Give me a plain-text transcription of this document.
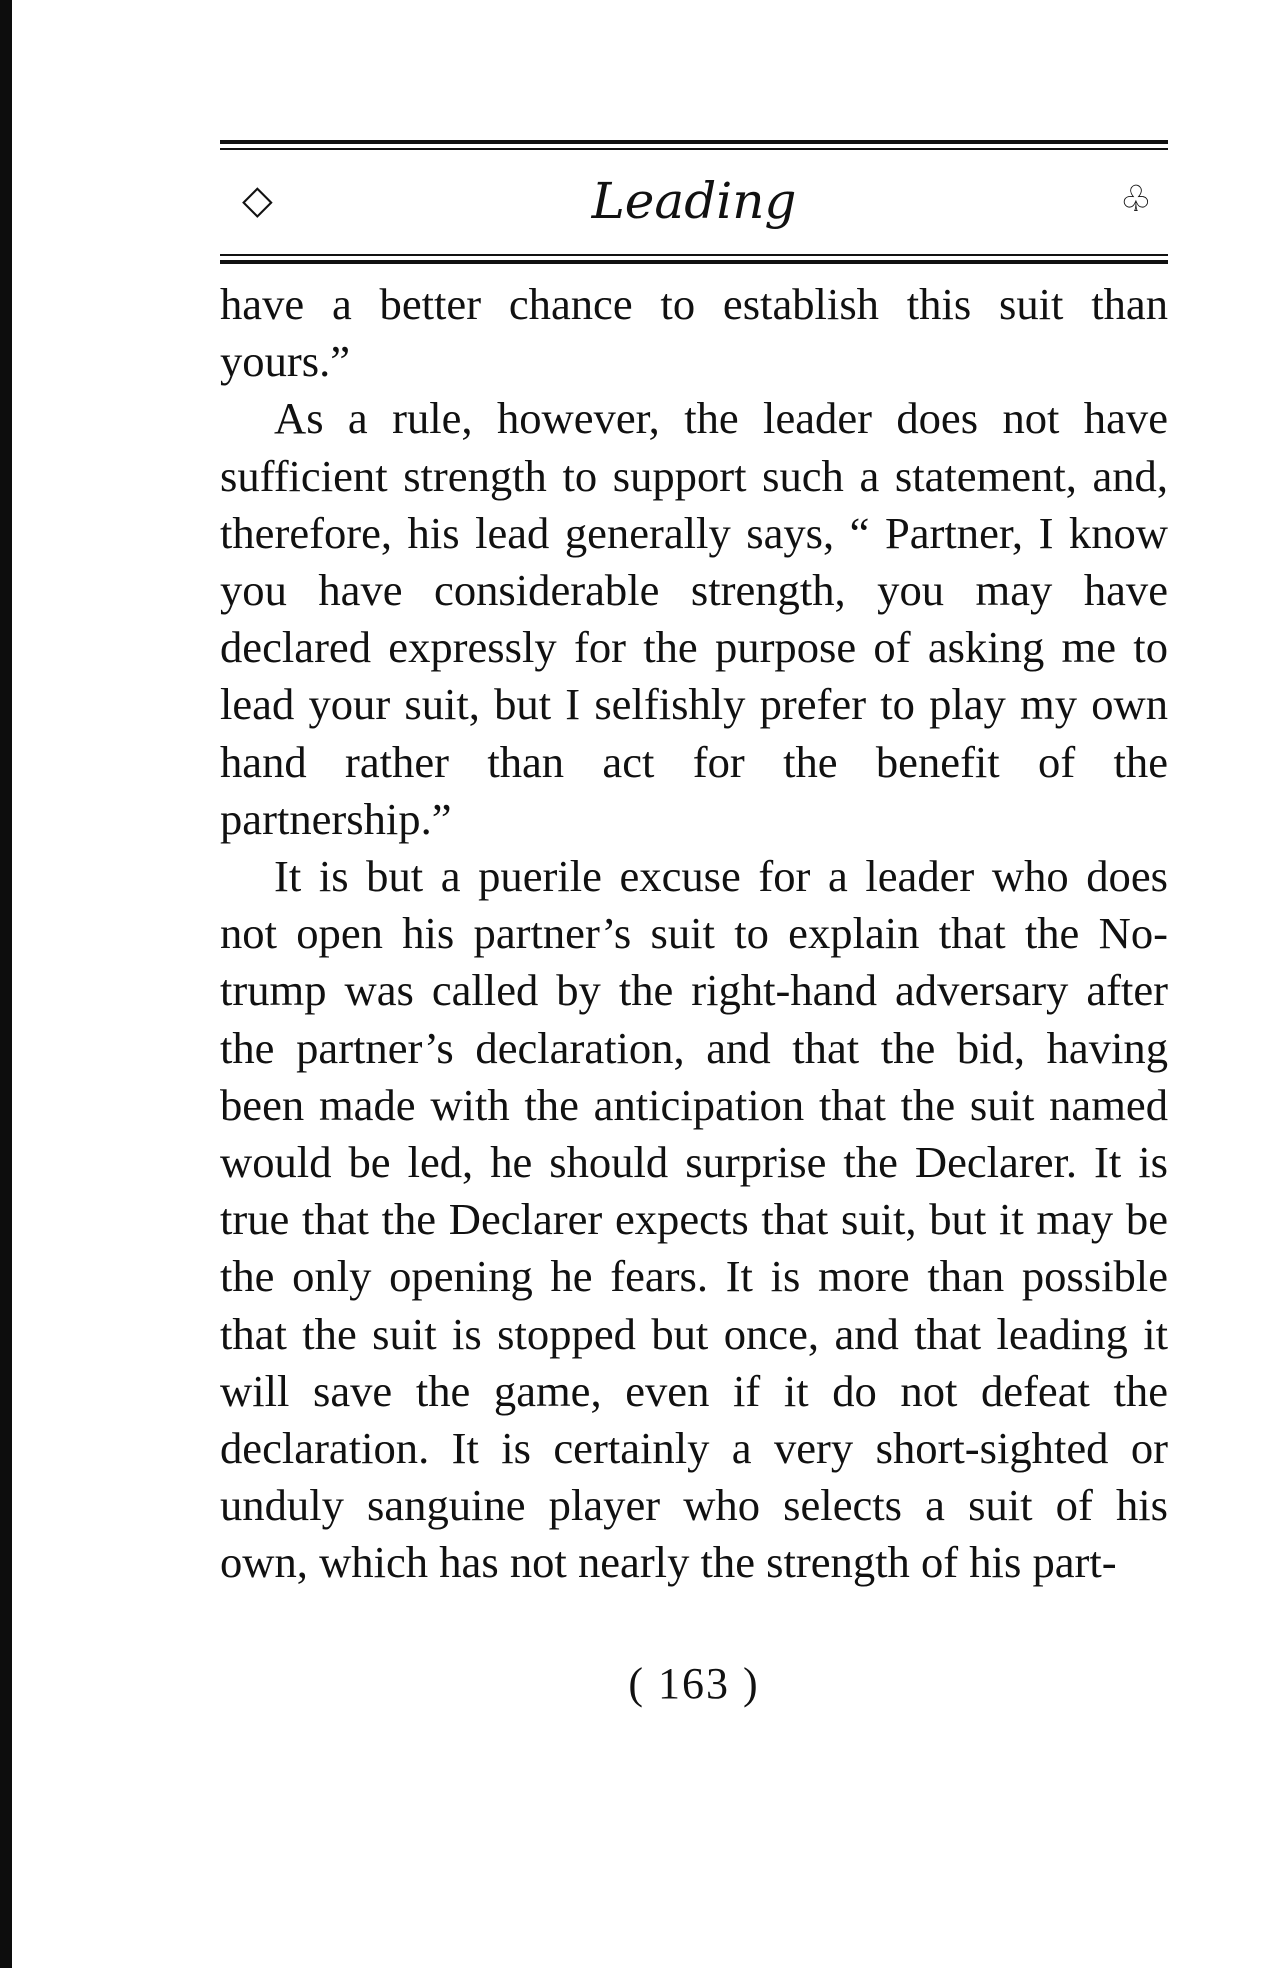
◇	Leading	♧

have a better chance to establish this suit than yours.”

As a rule, however, the leader does not have sufficient strength to support such a statement, and, therefore, his lead generally says, “ Partner, I know you have considerable strength, you may have declared expressly for the purpose of asking me to lead your suit, but I selfishly prefer to play my own hand rather than act for the benefit of the partnership.”

It is but a puerile excuse for a leader who does not open his partner’s suit to explain that the No-trump was called by the right-hand adversary after the partner’s declaration, and that the bid, having been made with the anticipation that the suit named would be led, he should surprise the Declarer. It is true that the Declarer expects that suit, but it may be the only opening he fears. It is more than possible that the suit is stopped but once, and that leading it will save the game, even if it do not defeat the declaration. It is certainly a very short-sighted or unduly sanguine player who selects a suit of his own, which has not nearly the strength of his part-

( 163 )
